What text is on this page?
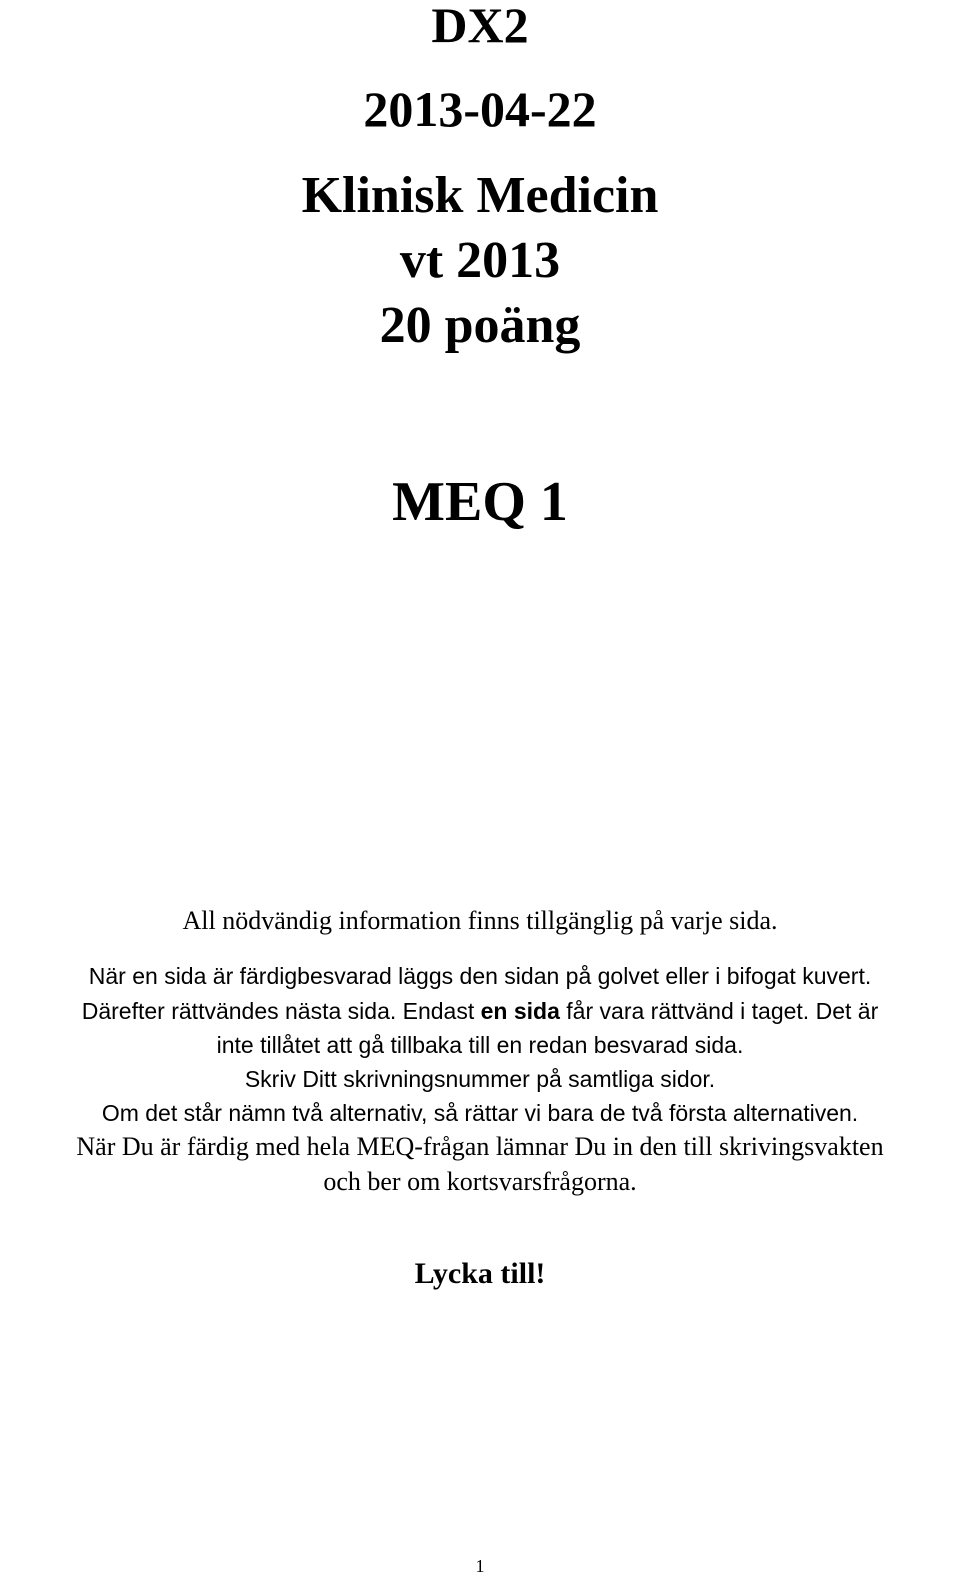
DX2
2013-04-22
Klinisk Medicin
vt 2013
20 poäng
MEQ 1
All nödvändig information finns tillgänglig på varje sida.
När en sida är färdigbesvarad läggs den sidan på golvet eller i bifogat kuvert.
Därefter rättvändes nästa sida. Endast en sida får vara rättvänd i taget. Det är
inte tillåtet att gå tillbaka till en redan besvarad sida.
Skriv Ditt skrivningsnummer på samtliga sidor.
Om det står nämn två alternativ, så rättar vi bara de två första alternativen.
När Du är färdig med hela MEQ-frågan lämnar Du in den till skrivingsvakten
och ber om kortsvarsfrågorna.
Lycka till!
1
